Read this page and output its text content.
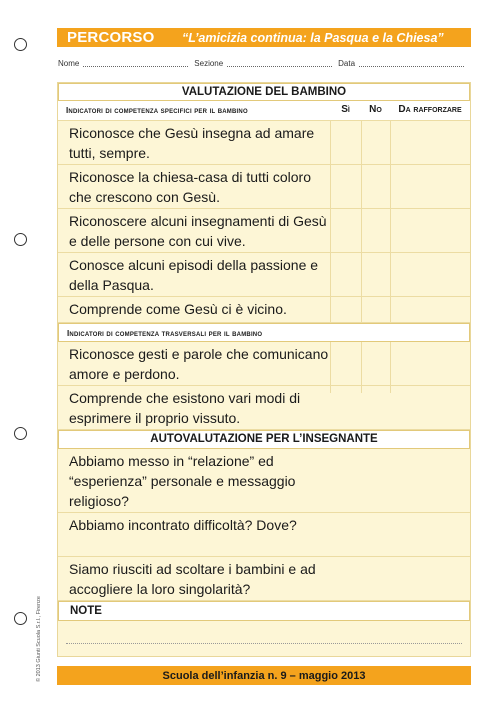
PERCORSO	“L’amicizia continua: la Pasqua e la Chiesa”
Nome	Sezione	Data
VALUTAZIONE DEL BAMBINO
Indicatori di competenza specifici per il bambino	Sì	No	Da rafforzare
Riconosce che Gesù insegna ad amare tutti, sempre.
Riconosce la chiesa-casa di tutti coloro che crescono con Gesù.
Riconoscere alcuni insegnamenti di Gesù e delle persone con cui vive.
Conosce alcuni episodi della passione e della Pasqua.
Comprende come Gesù ci è vicino.
Indicatori di competenza trasversali per il bambino
Riconosce gesti e parole che comunicano amore e perdono.
Comprende che esistono vari modi di esprimere il proprio vissuto.
AUTOVALUTAZIONE PER L’INSEGNANTE
Abbiamo messo in “relazione” ed “esperienza” personale e messaggio religioso?
Abbiamo incontrato difficoltà? Dove?
Siamo riusciti ad scoltare i bambini e ad accogliere la loro singolarità?
NOTE
Scuola dell’infanzia n. 9 – maggio 2013
© 2013 Giunti Scuola S.r.l., Firenze
